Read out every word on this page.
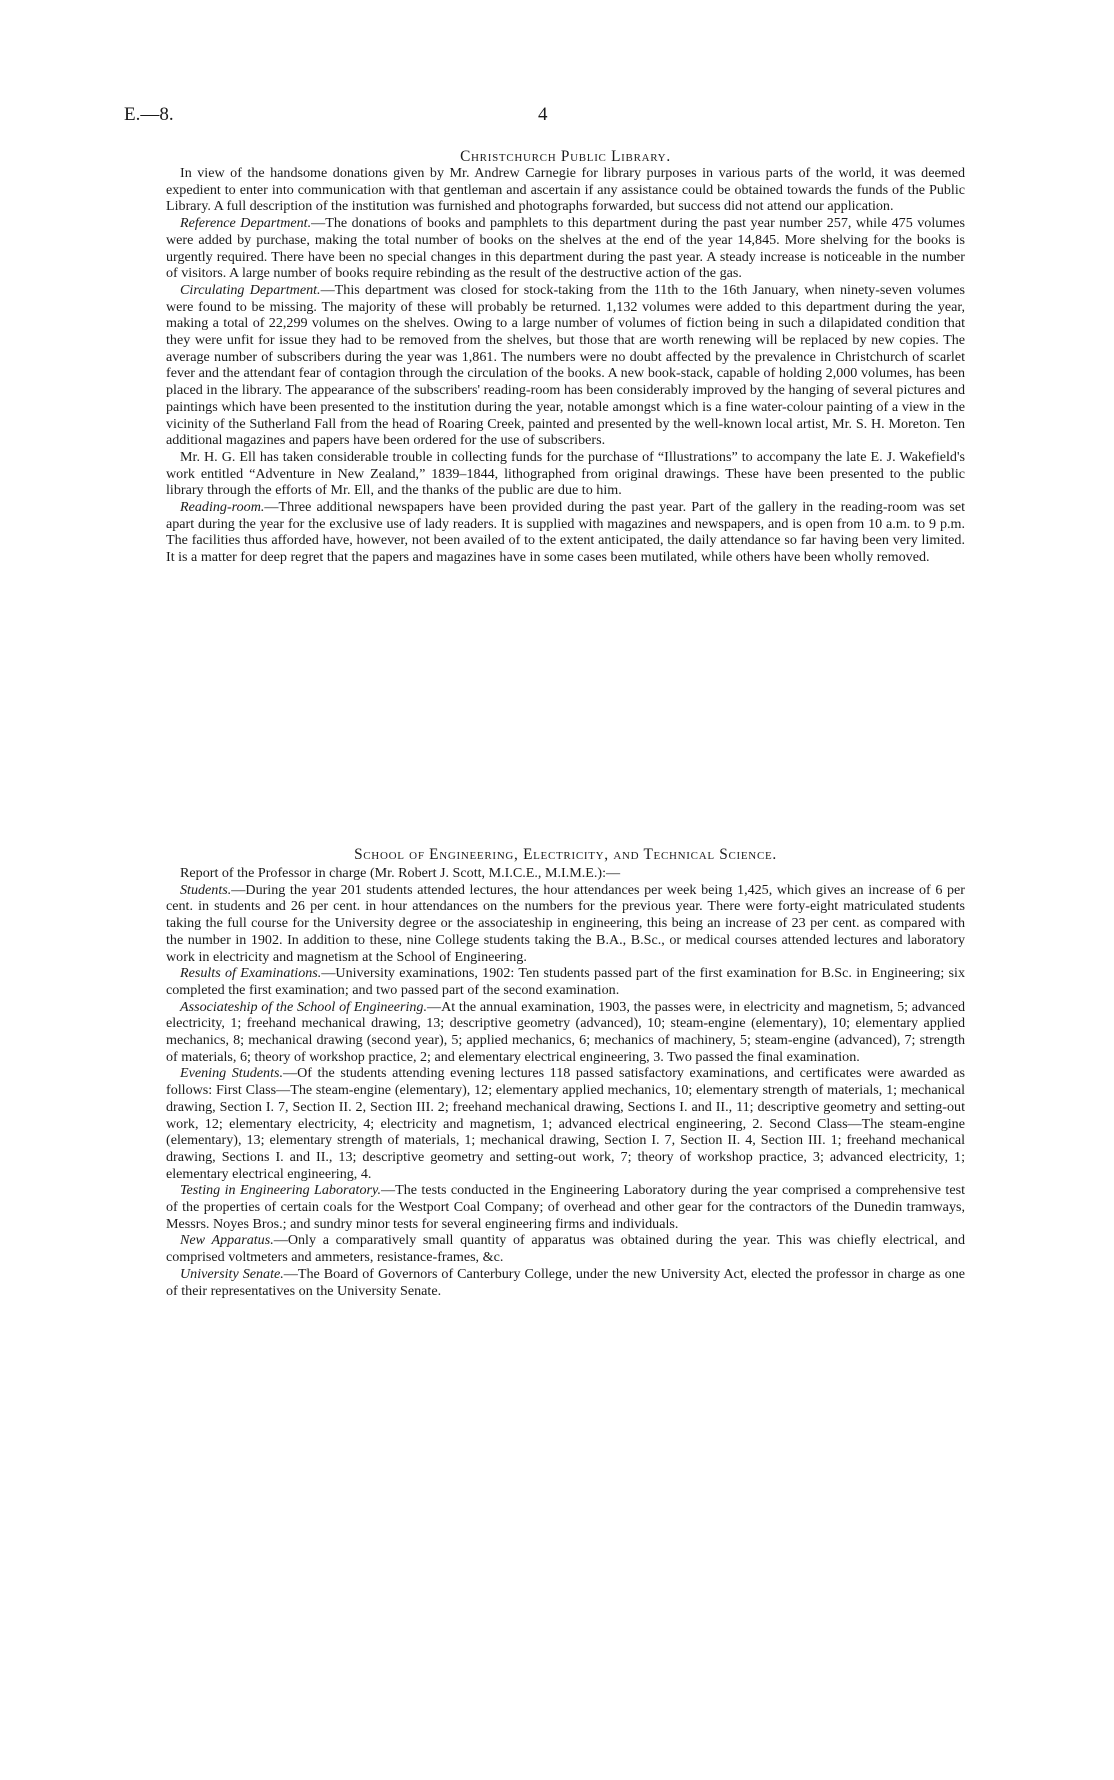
E.—8.	4
Christchurch Public Library.

In view of the handsome donations given by Mr. Andrew Carnegie for library purposes in various parts of the world, it was deemed expedient to enter into communication with that gentleman and ascertain if any assistance could be obtained towards the funds of the Public Library. A full description of the institution was furnished and photographs forwarded, but success did not attend our application.

Reference Department.—The donations of books and pamphlets to this department during the past year number 257, while 475 volumes were added by purchase, making the total number of books on the shelves at the end of the year 14,845. More shelving for the books is urgently required. There have been no special changes in this department during the past year. A steady increase is noticeable in the number of visitors. A large number of books require rebinding as the result of the destructive action of the gas.

Circulating Department.—This department was closed for stock-taking from the 11th to the 16th January, when ninety-seven volumes were found to be missing. The majority of these will probably be returned. 1,132 volumes were added to this department during the year, making a total of 22,299 volumes on the shelves. Owing to a large number of volumes of fiction being in such a dilapidated condition that they were unfit for issue they had to be removed from the shelves, but those that are worth renewing will be replaced by new copies. The average number of subscribers during the year was 1,861. The numbers were no doubt affected by the prevalence in Christchurch of scarlet fever and the attendant fear of contagion through the circulation of the books. A new book-stack, capable of holding 2,000 volumes, has been placed in the library. The appearance of the subscribers' reading-room has been considerably improved by the hanging of several pictures and paintings which have been presented to the institution during the year, notable amongst which is a fine water-colour painting of a view in the vicinity of the Sutherland Fall from the head of Roaring Creek, painted and presented by the well-known local artist, Mr. S. H. Moreton. Ten additional magazines and papers have been ordered for the use of subscribers.

Mr. H. G. Ell has taken considerable trouble in collecting funds for the purchase of “Illustrations” to accompany the late E. J. Wakefield's work entitled “Adventure in New Zealand,” 1839–1844, lithographed from original drawings. These have been presented to the public library through the efforts of Mr. Ell, and the thanks of the public are due to him.

Reading-room.—Three additional newspapers have been provided during the past year. Part of the gallery in the reading-room was set apart during the year for the exclusive use of lady readers. It is supplied with magazines and newspapers, and is open from 10 a.m. to 9 p.m. The facilities thus afforded have, however, not been availed of to the extent anticipated, the daily attendance so far having been very limited. It is a matter for deep regret that the papers and magazines have in some cases been mutilated, while others have been wholly removed.

School of Engineering, Electricity, and Technical Science.

Report of the Professor in charge (Mr. Robert J. Scott, M.I.C.E., M.I.M.E.):—

Students.—During the year 201 students attended lectures, the hour attendances per week being 1,425, which gives an increase of 6 per cent. in students and 26 per cent. in hour attendances on the numbers for the previous year. There were forty-eight matriculated students taking the full course for the University degree or the associateship in engineering, this being an increase of 23 per cent. as compared with the number in 1902. In addition to these, nine College students taking the B.A., B.Sc., or medical courses attended lectures and laboratory work in electricity and magnetism at the School of Engineering.

Results of Examinations.—University examinations, 1902: Ten students passed part of the first examination for B.Sc. in Engineering; six completed the first examination; and two passed part of the second examination.

Associateship of the School of Engineering.—At the annual examination, 1903, the passes were, in electricity and magnetism, 5; advanced electricity, 1; freehand mechanical drawing, 13; descriptive geometry (advanced), 10; steam-engine (elementary), 10; elementary applied mechanics, 8; mechanical drawing (second year), 5; applied mechanics, 6; mechanics of machinery, 5; steam-engine (advanced), 7; strength of materials, 6; theory of workshop practice, 2; and elementary electrical engineering, 3. Two passed the final examination.

Evening Students.—Of the students attending evening lectures 118 passed satisfactory examinations, and certificates were awarded as follows: First Class—The steam-engine (elementary), 12; elementary applied mechanics, 10; elementary strength of materials, 1; mechanical drawing, Section I. 7, Section II. 2, Section III. 2; freehand mechanical drawing, Sections I. and II., 11; descriptive geometry and setting-out work, 12; elementary electricity, 4; electricity and magnetism, 1; advanced electrical engineering, 2. Second Class—The steam-engine (elementary), 13; elementary strength of materials, 1; mechanical drawing, Section I. 7, Section II. 4, Section III. 1; freehand mechanical drawing, Sections I. and II., 13; descriptive geometry and setting-out work, 7; theory of workshop practice, 3; advanced electricity, 1; elementary electrical engineering, 4.

Testing in Engineering Laboratory.—The tests conducted in the Engineering Laboratory during the year comprised a comprehensive test of the properties of certain coals for the Westport Coal Company; of overhead and other gear for the contractors of the Dunedin tramways, Messrs. Noyes Bros.; and sundry minor tests for several engineering firms and individuals.

New Apparatus.—Only a comparatively small quantity of apparatus was obtained during the year. This was chiefly electrical, and comprised voltmeters and ammeters, resistance-frames, &c.

University Senate.—The Board of Governors of Canterbury College, under the new University Act, elected the professor in charge as one of their representatives on the University Senate.
